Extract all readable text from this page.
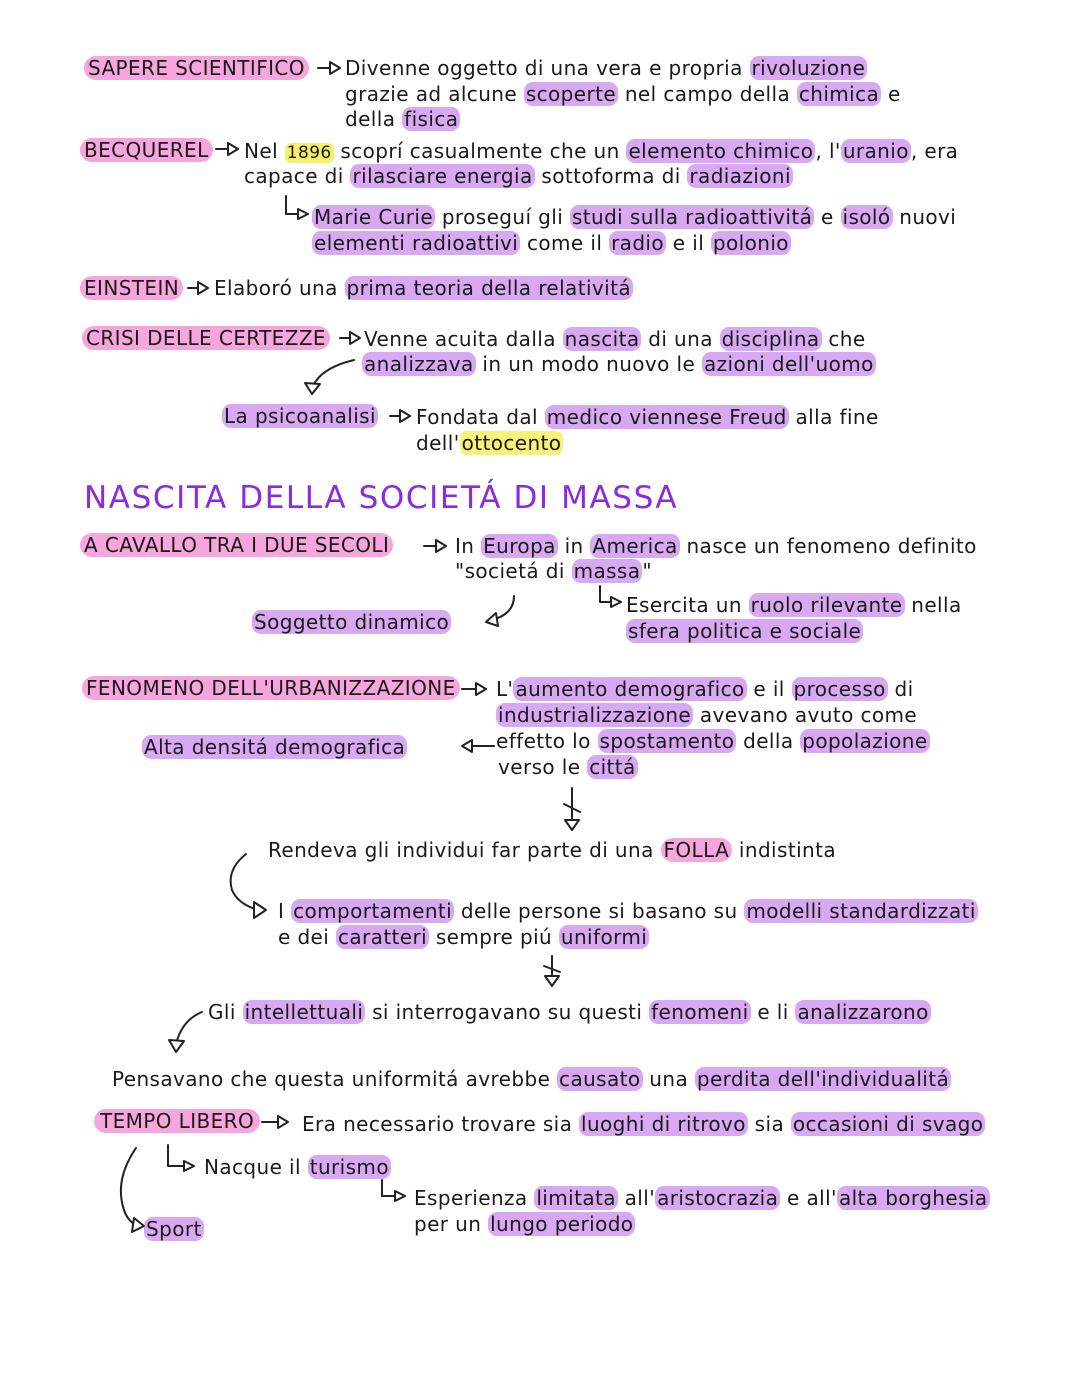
SAPERE SCIENTIFICO Divenne oggetto di una vera e propria rivoluzione
grazie ad alcune scoperte nel campo della chimica e
della fisica
BECQUEREL Nel 1896 scoprí casualmente che un elemento chimico , l' uranio , era
capace di rilasciare energia sottoforma di radiazioni
Marie Curie proseguí gli studi sulla radioattivitá e isoló nuovi
elementi radioattivi come il radio e il polonio
EINSTEIN Elaboró una prima teoria della relativitá
CRISI DELLE CERTEZZE Venne acuita dalla nascita di una disciplina che
analizzava in un modo nuovo le azioni dell'uomo
La psicoanalisi Fondata dal medico viennese Freud alla fine
dell' ottocento
NASCITA DELLA SOCIETÁ DI MASSA
A CAVALLO TRA I DUE SECOLI	In Europa in America nasce un fenomeno definito
"societá di massa "
Esercita un ruolo rilevante nella
sfera politica e sociale
Soggetto dinamico
FENOMENO DELL'URBANIZZAZIONE L' aumento demografico e il processo di
industrializzazione avevano avuto come
effetto lo spostamento della popolazione
verso le cittá
Alta densitá demografica
Rendeva gli individui far parte di una FOLLA indistinta
I comportamenti delle persone si basano su modelli standardizzati
e dei caratteri sempre piú uniformi
Gli intellettuali si interrogavano su questi fenomeni e li analizzarono
Pensavano che questa uniformitá avrebbe causato una perdita dell'individualitá
TEMPO LIBERO	Era necessario trovare sia luoghi di ritrovo sia occasioni di svago
Nacque il turismo
Esperienza limitata all' aristocrazia e all' alta borghesia
per un lungo periodo
Sport
